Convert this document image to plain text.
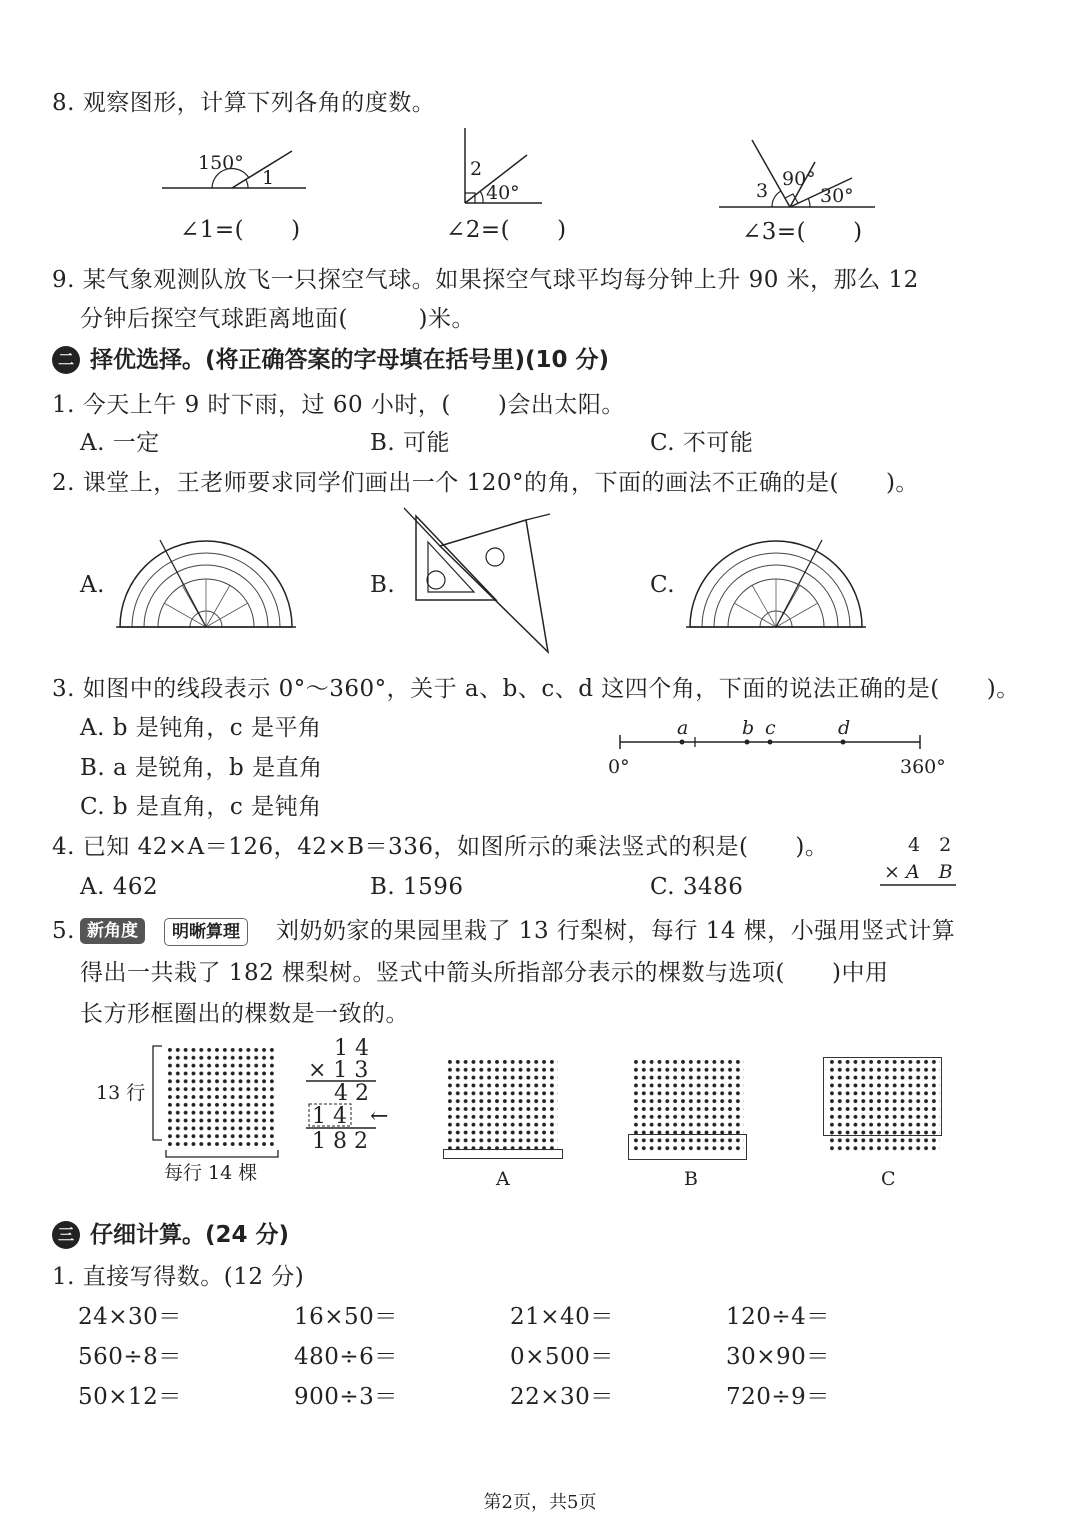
8. 观察图形，计算下列各角的度数。
150°
1
∠1=(　　)
2
40°
∠2=(　　)
3
90°
30°
∠3=(　　)
9. 某气象观测队放飞一只探空气球。如果探空气球平均每分钟上升 90 米，那么 12
分钟后探空气球距离地面(　　　)米。
二 择优选择。(将正确答案的字母填在括号里)(10 分)
1. 今天上午 9 时下雨，过 60 小时，(　　)会出太阳。
A. 一定	B. 可能	C. 不可能
2. 课堂上，王老师要求同学们画出一个 120°的角，下面的画法不正确的是(　　)。
A.	B.	C.
3. 如图中的线段表示 0°～360°，关于 a、b、c、d 这四个角，下面的说法正确的是(　　)。
A. b 是钝角，c 是平角
B. a 是锐角，b 是直角
C. b 是直角，c 是钝角
a	b c	d
0°	360°
4. 已知 42×A＝126，42×B＝336，如图所示的乘法竖式的积是(　　)。
A. 462	B. 1596	C. 3486
4　2
× A　B
5. 新角度	明晰算理	刘奶奶家的果园里栽了 13 行梨树，每行 14 棵，小强用竖式计算
得出一共栽了 182 棵梨树。竖式中箭头所指部分表示的棵数与选项(　　)中用
长方形框圈出的棵数是一致的。
13 行
每行 14 棵
1 4
× 1 3
4 2
1 4
1 8 2
←
A	B	C
三 仔细计算。(24 分)
1. 直接写得数。(12 分)
24×30＝	16×50＝	21×40＝	120÷4＝
560÷8＝	480÷6＝	0×500＝	30×90＝
50×12＝	900÷3＝	22×30＝	720÷9＝
第2页，共5页
